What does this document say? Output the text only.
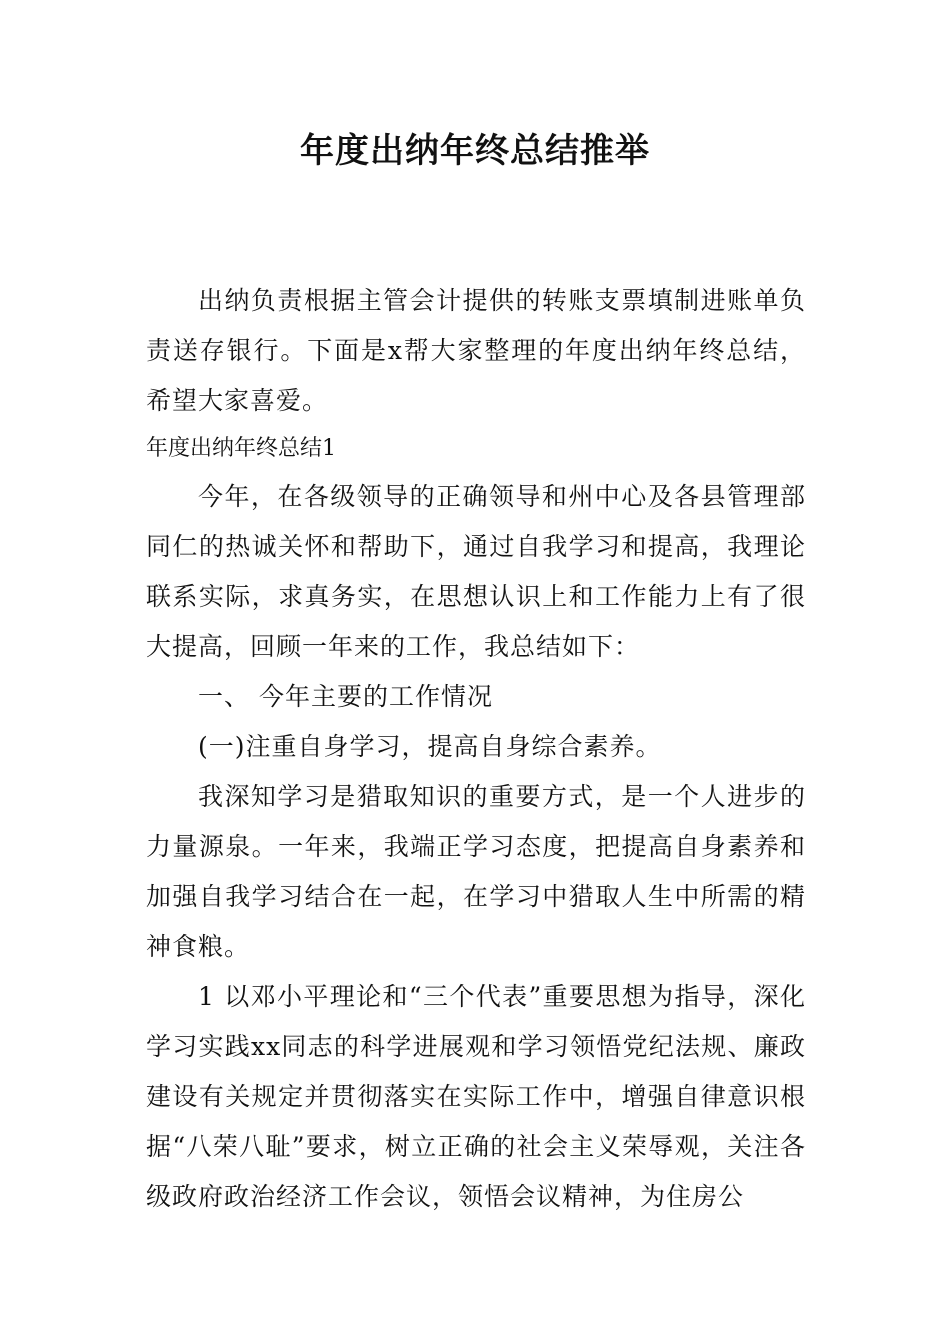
年度出纳年终总结推举

出纳负责根据主管会计提供的转账支票填制进账单负责送存银行。下面是x帮大家整理的年度出纳年终总结，希望大家喜爱。

年度出纳年终总结1

今年，在各级领导的正确领导和州中心及各县管理部同仁的热诚关怀和帮助下，通过自我学习和提高，我理论联系实际，求真务实，在思想认识上和工作能力上有了很大提高，回顾一年来的工作，我总结如下：

一、 今年主要的工作情况

(一)注重自身学习，提高自身综合素养。

我深知学习是猎取知识的重要方式，是一个人进步的力量源泉。一年来，我端正学习态度，把提高自身素养和加强自我学习结合在一起，在学习中猎取人生中所需的精神食粮。

1 以邓小平理论和“三个代表”重要思想为指导，深化学习实践xx同志的科学进展观和学习领悟党纪法规、廉政建设有关规定并贯彻落实在实际工作中，增强自律意识根据“八荣八耻”要求，树立正确的社会主义荣辱观，关注各级政府政治经济工作会议，领悟会议精神，为住房公
